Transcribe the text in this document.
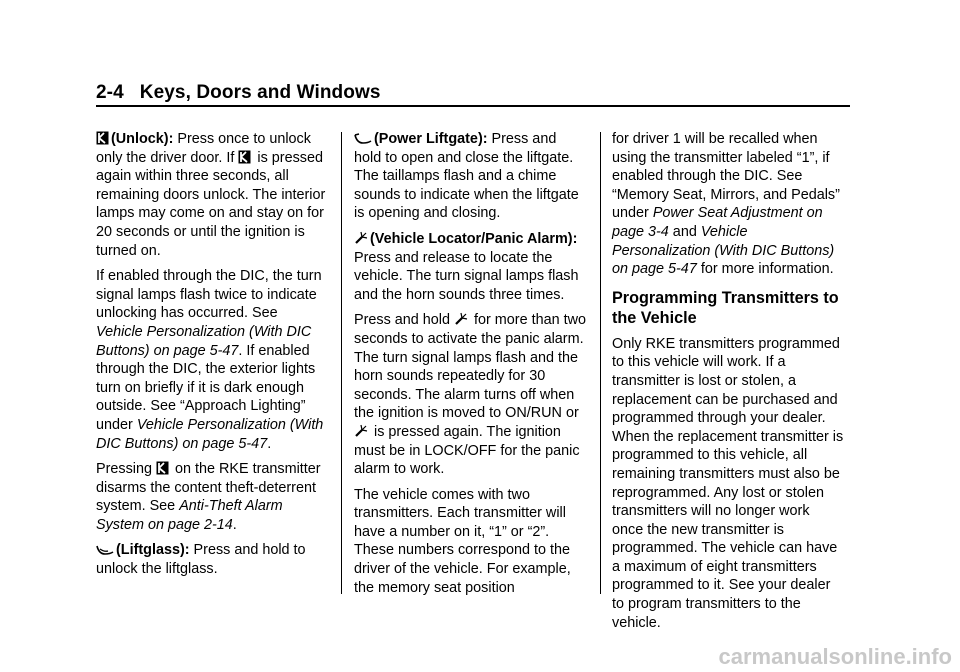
2-4 Keys, Doors and Windows

(Unlock): Press once to unlock only the driver door. If
is pressed again within three seconds, all remaining doors unlock. The interior lamps may come on and stay on for 20 seconds or until the ignition is turned on.

If enabled through the DIC, the turn signal lamps flash twice to indicate unlocking has occurred. See Vehicle Personalization (With DIC Buttons) on page 5-47. If enabled through the DIC, the exterior lights turn on briefly if it is dark enough outside. See “Approach Lighting” under Vehicle Personalization (With DIC Buttons) on page 5-47.

Pressing
on the RKE transmitter disarms the content theft-deterrent system. See Anti-Theft Alarm System on page 2-14.

(Liftglass): Press and hold to unlock the liftglass.

(Power Liftgate): Press and hold to open and close the liftgate. The taillamps flash and a chime sounds to indicate when the liftgate is opening and closing.

(Vehicle Locator/Panic Alarm): Press and release to locate the vehicle. The turn signal lamps flash and the horn sounds three times.

Press and hold
for more than two seconds to activate the panic alarm. The turn signal lamps flash and the horn sounds repeatedly for 30 seconds. The alarm turns off when the ignition is moved to ON/RUN or
is pressed again. The ignition must be in LOCK/OFF for the panic alarm to work.

The vehicle comes with two transmitters. Each transmitter will have a number on it, “1” or “2”. These numbers correspond to the driver of the vehicle. For example, the memory seat position

for driver 1 will be recalled when using the transmitter labeled “1”, if enabled through the DIC. See “Memory Seat, Mirrors, and Pedals” under Power Seat Adjustment on page 3-4 and Vehicle Personalization (With DIC Buttons) on page 5-47 for more information.

Programming Transmitters to the Vehicle

Only RKE transmitters programmed to this vehicle will work. If a transmitter is lost or stolen, a replacement can be purchased and programmed through your dealer. When the replacement transmitter is programmed to this vehicle, all remaining transmitters must also be reprogrammed. Any lost or stolen transmitters will no longer work once the new transmitter is programmed. The vehicle can have a maximum of eight transmitters programmed to it. See your dealer to program transmitters to the vehicle.

carmanualsonline.info
